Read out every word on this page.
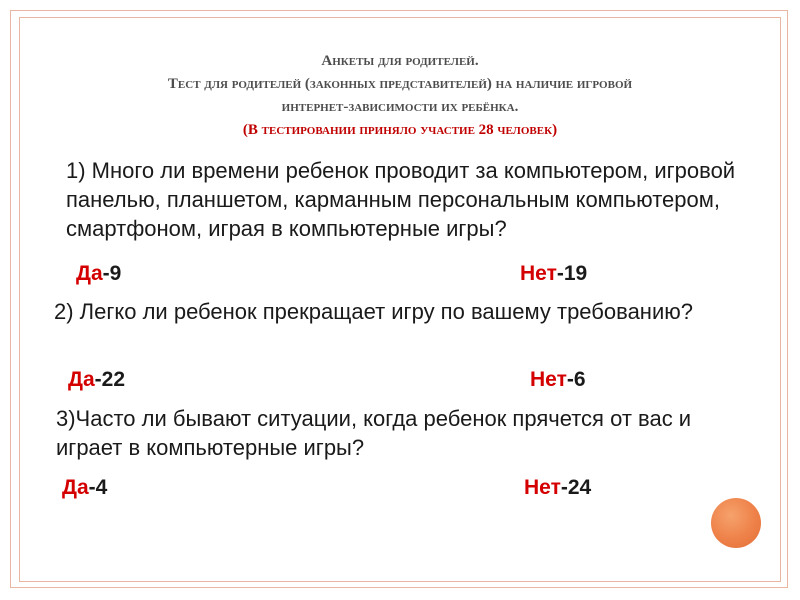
Анкеты для родителей.
Тест для родителей (законных представителей) на наличие игровой
интернет-зависимости их ребёнка.
(В тестировании приняло участие 28 человек)
1) Много ли времени ребенок проводит за компьютером, игровой панелью, планшетом, карманным персональным компьютером, смартфоном, играя в компьютерные игры?
Да-9	Нет-19
2) Легко ли ребенок прекращает игру по вашему требованию?
Да-22	Нет-6
3)Часто ли бывают ситуации, когда ребенок прячется от вас и играет в компьютерные игры?
Да-4	Нет-24
